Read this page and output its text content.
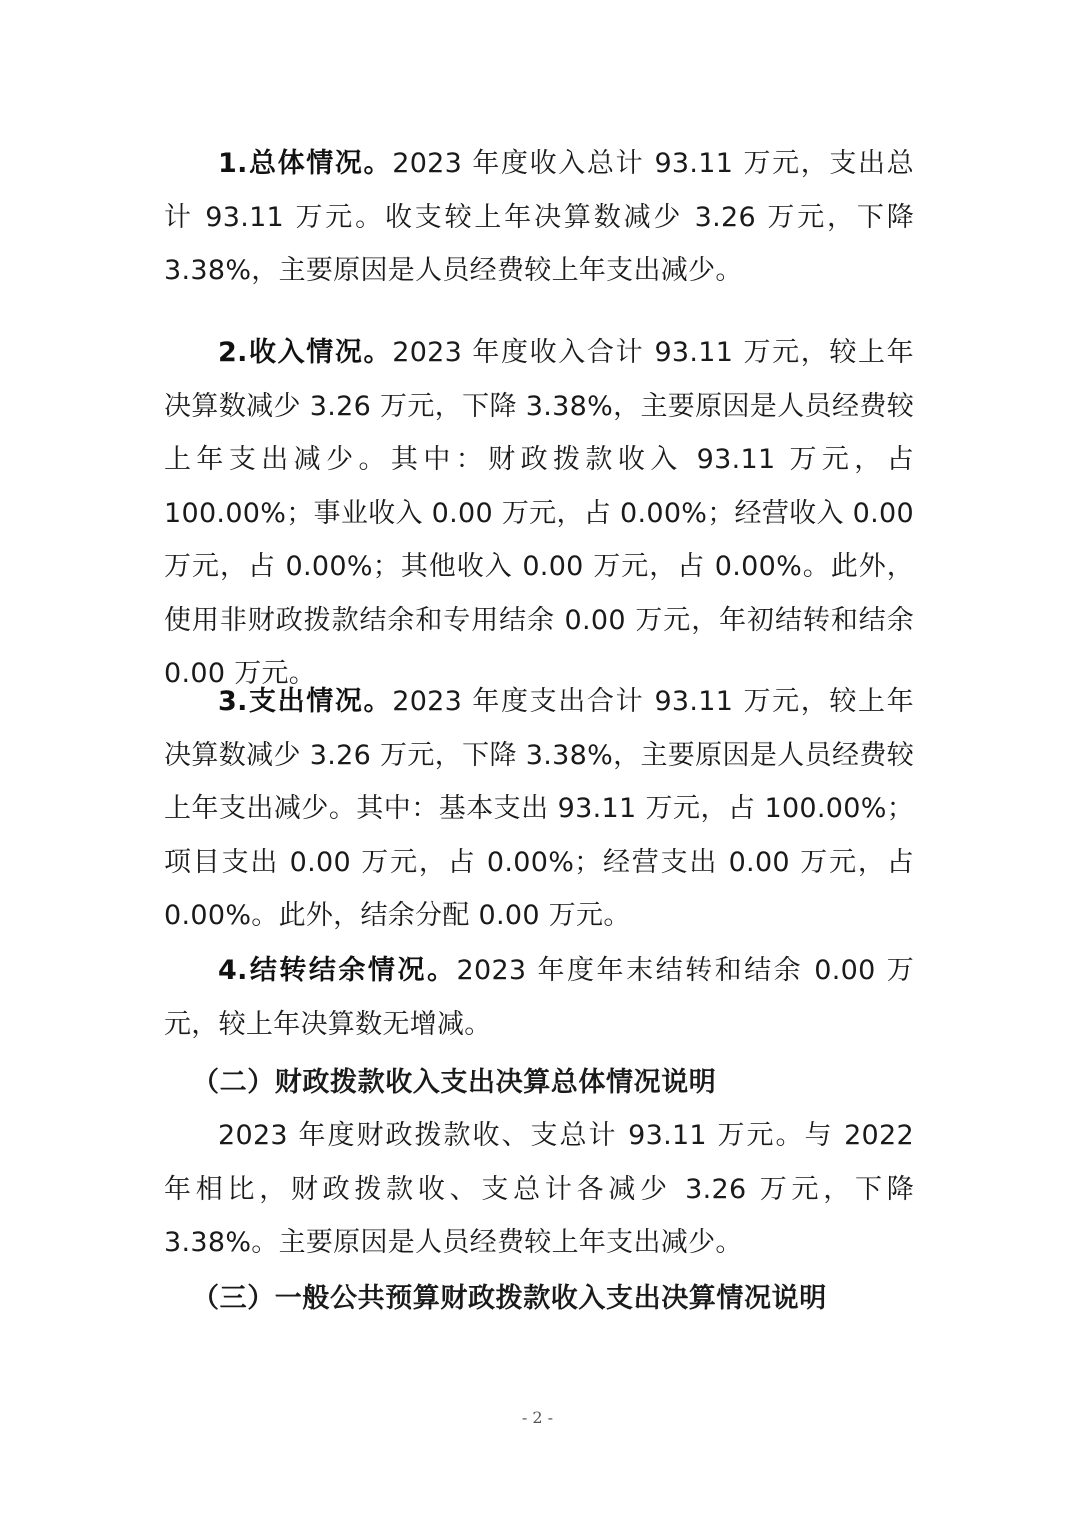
1.总体情况。2023 年度收入总计 93.11 万元，支出总计 93.11 万元。收支较上年决算数减少 3.26 万元，下降 3.38%，主要原因是人员经费较上年支出减少。

2.收入情况。2023 年度收入合计 93.11 万元，较上年决算数减少 3.26 万元，下降 3.38%，主要原因是人员经费较上年支出减少。其中：财政拨款收入 93.11 万元，占 100.00%；事业收入 0.00 万元，占 0.00%；经营收入 0.00 万元，占 0.00%；其他收入 0.00 万元，占 0.00%。此外，使用非财政拨款结余和专用结余 0.00 万元，年初结转和结余 0.00 万元。

3.支出情况。2023 年度支出合计 93.11 万元，较上年决算数减少 3.26 万元，下降 3.38%，主要原因是人员经费较上年支出减少。其中：基本支出 93.11 万元，占 100.00%；项目支出 0.00 万元，占 0.00%；经营支出 0.00 万元，占 0.00%。此外，结余分配 0.00 万元。

4.结转结余情况。2023 年度年末结转和结余 0.00 万元，较上年决算数无增减。

（二）财政拨款收入支出决算总体情况说明

2023 年度财政拨款收、支总计 93.11 万元。与 2022 年相比，财政拨款收、支总计各减少 3.26 万元，下降 3.38%。主要原因是人员经费较上年支出减少。

（三）一般公共预算财政拨款收入支出决算情况说明
- 2 -
